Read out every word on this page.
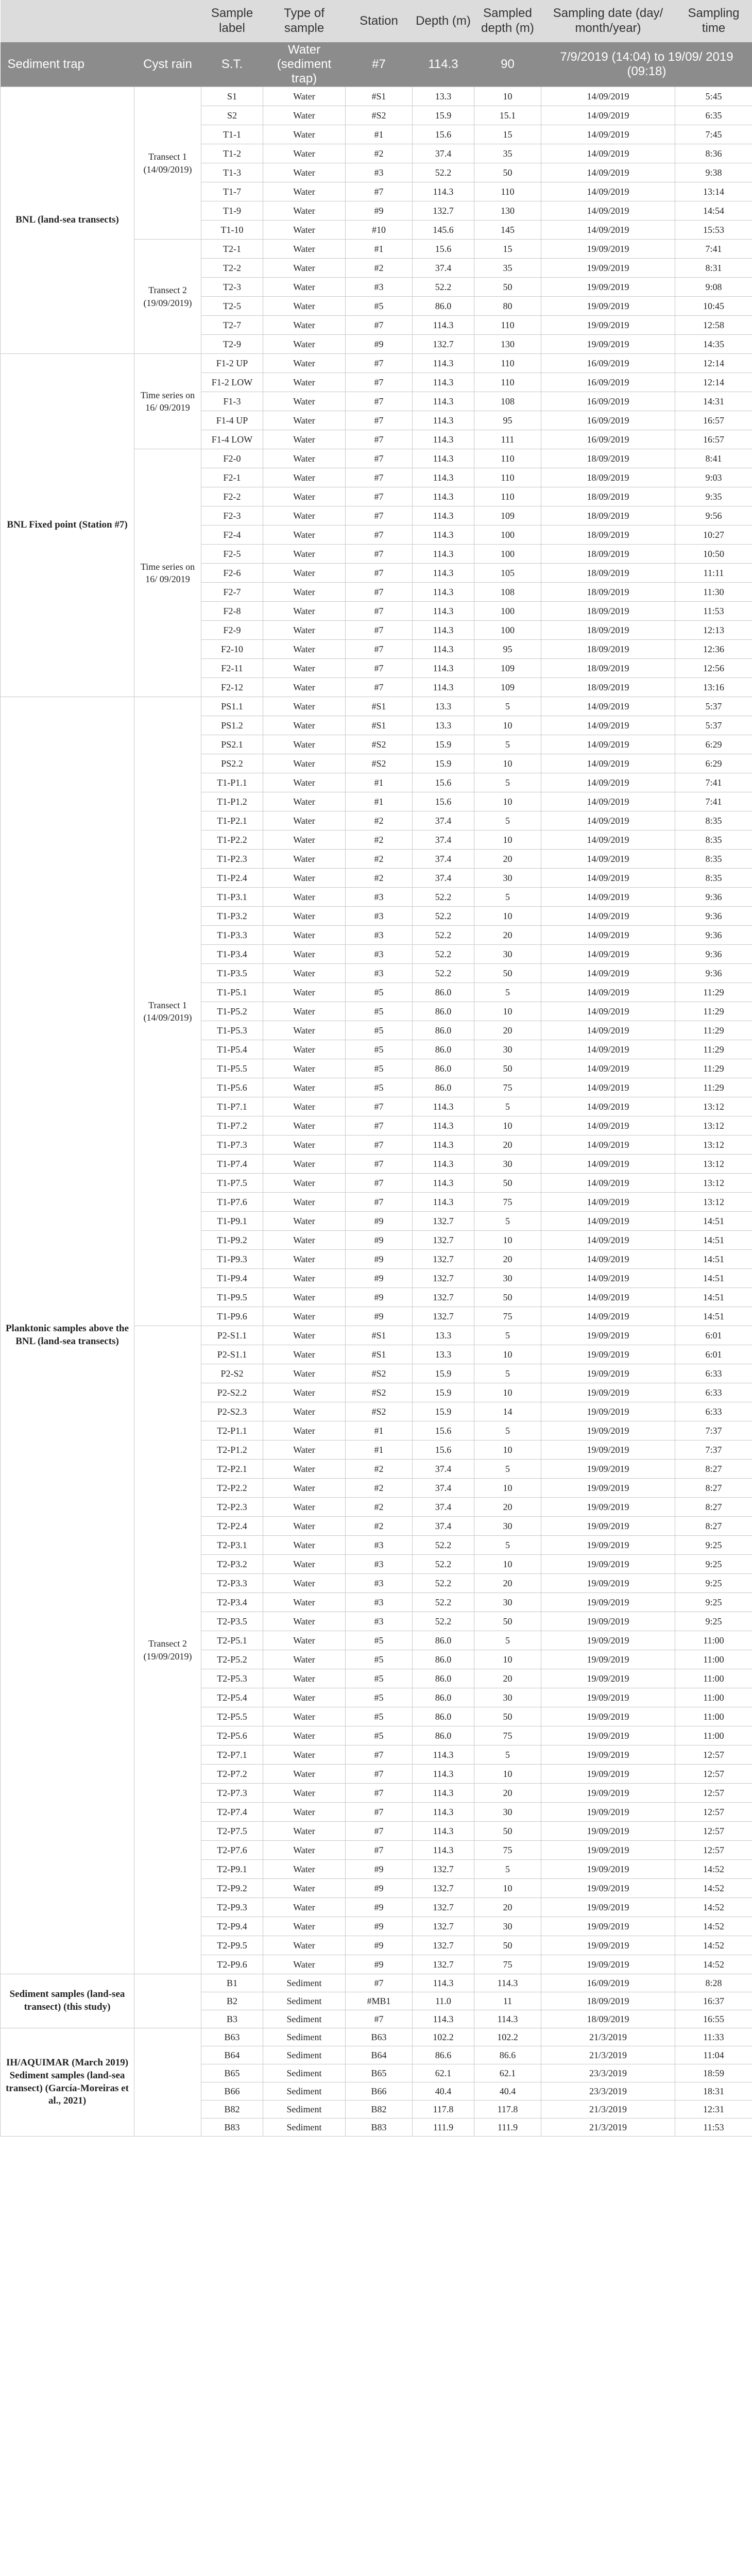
		Sample label	Type of sample	Station	Depth (m)	Sampled depth (m)	Sampling date (day/ month/year)	Sampling time
Sediment trap	Cyst rain	S.T.	Water (sediment trap)	#7	114.3	90	7/9/2019 (14:04) to 19/09/ 2019 (09:18)	
BNL (land-sea transects)	Transect 1 (14/09/2019)	S1	Water	#S1	13.3	10	14/09/2019	5:45
		S2	Water	#S2	15.9	15.1	14/09/2019	6:35
		T1-1	Water	#1	15.6	15	14/09/2019	7:45
		T1-2	Water	#2	37.4	35	14/09/2019	8:36
		T1-3	Water	#3	52.2	50	14/09/2019	9:38
		T1-7	Water	#7	114.3	110	14/09/2019	13:14
		T1-9	Water	#9	132.7	130	14/09/2019	14:54
		T1-10	Water	#10	145.6	145	14/09/2019	15:53
	Transect 2 (19/09/2019)	T2-1	Water	#1	15.6	15	19/09/2019	7:41
		T2-2	Water	#2	37.4	35	19/09/2019	8:31
		T2-3	Water	#3	52.2	50	19/09/2019	9:08
		T2-5	Water	#5	86.0	80	19/09/2019	10:45
		T2-7	Water	#7	114.3	110	19/09/2019	12:58
		T2-9	Water	#9	132.7	130	19/09/2019	14:35
BNL Fixed point (Station #7)	Time series on 16/ 09/2019	F1-2 UP	Water	#7	114.3	110	16/09/2019	12:14
		F1-2 LOW	Water	#7	114.3	110	16/09/2019	12:14
		F1-3	Water	#7	114.3	108	16/09/2019	14:31
		F1-4 UP	Water	#7	114.3	95	16/09/2019	16:57
		F1-4 LOW	Water	#7	114.3	111	16/09/2019	16:57
	Time series on 16/ 09/2019	F2-0	Water	#7	114.3	110	18/09/2019	8:41
		F2-1	Water	#7	114.3	110	18/09/2019	9:03
		F2-2	Water	#7	114.3	110	18/09/2019	9:35
		F2-3	Water	#7	114.3	109	18/09/2019	9:56
		F2-4	Water	#7	114.3	100	18/09/2019	10:27
		F2-5	Water	#7	114.3	100	18/09/2019	10:50
		F2-6	Water	#7	114.3	105	18/09/2019	11:11
		F2-7	Water	#7	114.3	108	18/09/2019	11:30
		F2-8	Water	#7	114.3	100	18/09/2019	11:53
		F2-9	Water	#7	114.3	100	18/09/2019	12:13
		F2-10	Water	#7	114.3	95	18/09/2019	12:36
		F2-11	Water	#7	114.3	109	18/09/2019	12:56
		F2-12	Water	#7	114.3	109	18/09/2019	13:16
Planktonic samples above the BNL (land-sea transects)	Transect 1 (14/09/2019)	PS1.1	Water	#S1	13.3	5	14/09/2019	5:37
		PS1.2	Water	#S1	13.3	10	14/09/2019	5:37
		PS2.1	Water	#S2	15.9	5	14/09/2019	6:29
		PS2.2	Water	#S2	15.9	10	14/09/2019	6:29
		T1-P1.1	Water	#1	15.6	5	14/09/2019	7:41
		T1-P1.2	Water	#1	15.6	10	14/09/2019	7:41
		T1-P2.1	Water	#2	37.4	5	14/09/2019	8:35
		T1-P2.2	Water	#2	37.4	10	14/09/2019	8:35
		T1-P2.3	Water	#2	37.4	20	14/09/2019	8:35
		T1-P2.4	Water	#2	37.4	30	14/09/2019	8:35
		T1-P3.1	Water	#3	52.2	5	14/09/2019	9:36
		T1-P3.2	Water	#3	52.2	10	14/09/2019	9:36
		T1-P3.3	Water	#3	52.2	20	14/09/2019	9:36
		T1-P3.4	Water	#3	52.2	30	14/09/2019	9:36
		T1-P3.5	Water	#3	52.2	50	14/09/2019	9:36
		T1-P5.1	Water	#5	86.0	5	14/09/2019	11:29
		T1-P5.2	Water	#5	86.0	10	14/09/2019	11:29
		T1-P5.3	Water	#5	86.0	20	14/09/2019	11:29
		T1-P5.4	Water	#5	86.0	30	14/09/2019	11:29
		T1-P5.5	Water	#5	86.0	50	14/09/2019	11:29
		T1-P5.6	Water	#5	86.0	75	14/09/2019	11:29
		T1-P7.1	Water	#7	114.3	5	14/09/2019	13:12
		T1-P7.2	Water	#7	114.3	10	14/09/2019	13:12
		T1-P7.3	Water	#7	114.3	20	14/09/2019	13:12
		T1-P7.4	Water	#7	114.3	30	14/09/2019	13:12
		T1-P7.5	Water	#7	114.3	50	14/09/2019	13:12
		T1-P7.6	Water	#7	114.3	75	14/09/2019	13:12
		T1-P9.1	Water	#9	132.7	5	14/09/2019	14:51
		T1-P9.2	Water	#9	132.7	10	14/09/2019	14:51
		T1-P9.3	Water	#9	132.7	20	14/09/2019	14:51
		T1-P9.4	Water	#9	132.7	30	14/09/2019	14:51
		T1-P9.5	Water	#9	132.7	50	14/09/2019	14:51
		T1-P9.6	Water	#9	132.7	75	14/09/2019	14:51
	Transect 2 (19/09/2019)	P2-S1.1	Water	#S1	13.3	5	19/09/2019	6:01
		P2-S1.1	Water	#S1	13.3	10	19/09/2019	6:01
		P2-S2	Water	#S2	15.9	5	19/09/2019	6:33
		P2-S2.2	Water	#S2	15.9	10	19/09/2019	6:33
		P2-S2.3	Water	#S2	15.9	14	19/09/2019	6:33
		T2-P1.1	Water	#1	15.6	5	19/09/2019	7:37
		T2-P1.2	Water	#1	15.6	10	19/09/2019	7:37
		T2-P2.1	Water	#2	37.4	5	19/09/2019	8:27
		T2-P2.2	Water	#2	37.4	10	19/09/2019	8:27
		T2-P2.3	Water	#2	37.4	20	19/09/2019	8:27
		T2-P2.4	Water	#2	37.4	30	19/09/2019	8:27
		T2-P3.1	Water	#3	52.2	5	19/09/2019	9:25
		T2-P3.2	Water	#3	52.2	10	19/09/2019	9:25
		T2-P3.3	Water	#3	52.2	20	19/09/2019	9:25
		T2-P3.4	Water	#3	52.2	30	19/09/2019	9:25
		T2-P3.5	Water	#3	52.2	50	19/09/2019	9:25
		T2-P5.1	Water	#5	86.0	5	19/09/2019	11:00
		T2-P5.2	Water	#5	86.0	10	19/09/2019	11:00
		T2-P5.3	Water	#5	86.0	20	19/09/2019	11:00
		T2-P5.4	Water	#5	86.0	30	19/09/2019	11:00
		T2-P5.5	Water	#5	86.0	50	19/09/2019	11:00
		T2-P5.6	Water	#5	86.0	75	19/09/2019	11:00
		T2-P7.1	Water	#7	114.3	5	19/09/2019	12:57
		T2-P7.2	Water	#7	114.3	10	19/09/2019	12:57
		T2-P7.3	Water	#7	114.3	20	19/09/2019	12:57
		T2-P7.4	Water	#7	114.3	30	19/09/2019	12:57
		T2-P7.5	Water	#7	114.3	50	19/09/2019	12:57
		T2-P7.6	Water	#7	114.3	75	19/09/2019	12:57
		T2-P9.1	Water	#9	132.7	5	19/09/2019	14:52
		T2-P9.2	Water	#9	132.7	10	19/09/2019	14:52
		T2-P9.3	Water	#9	132.7	20	19/09/2019	14:52
		T2-P9.4	Water	#9	132.7	30	19/09/2019	14:52
		T2-P9.5	Water	#9	132.7	50	19/09/2019	14:52
		T2-P9.6	Water	#9	132.7	75	19/09/2019	14:52
Sediment samples (land-sea transect) (this study)		B1	Sediment	#7	114.3	114.3	16/09/2019	8:28
		B2	Sediment	#MB1	11.0	11	18/09/2019	16:37
		B3	Sediment	#7	114.3	114.3	18/09/2019	16:55
IH/AQUIMAR (March 2019) Sediment samples (land-sea transect) (García-Moreiras et al., 2021)		B63	Sediment	B63	102.2	102.2	21/3/2019	11:33
		B64	Sediment	B64	86.6	86.6	21/3/2019	11:04
		B65	Sediment	B65	62.1	62.1	23/3/2019	18:59
		B66	Sediment	B66	40.4	40.4	23/3/2019	18:31
		B82	Sediment	B82	117.8	117.8	21/3/2019	12:31
		B83	Sediment	B83	111.9	111.9	21/3/2019	11:53
